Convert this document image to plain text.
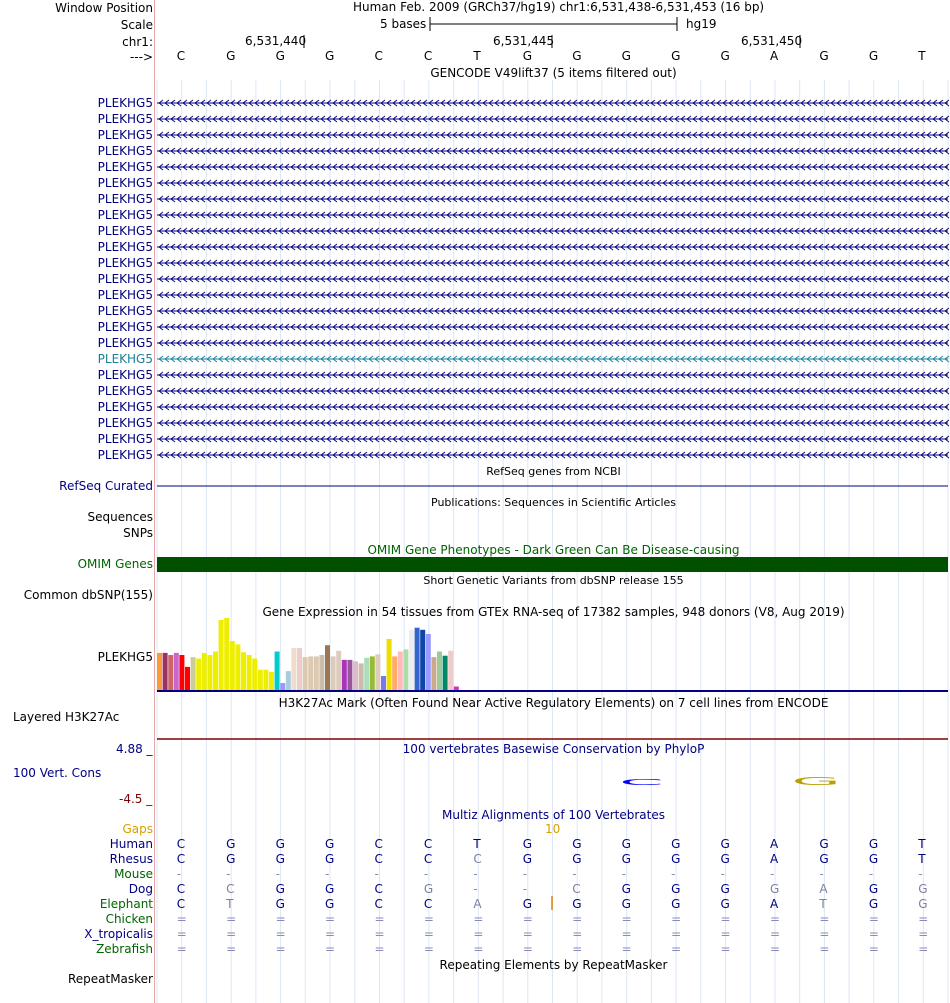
C	G
Window Position	Human Feb. 2009 (GRCh37/hg19) chr1:6,531,438-6,531,453 (16 bp)
Scale	5 bases	hg19
chr1:	6,531,440	6,531,445	6,531,450
---> C	G	G	G	C	C	T	G	G	G	G	G	A	G	G	T
GENCODE V49lift37 (5 items filtered out)
PLEKHG5
PLEKHG5
PLEKHG5
PLEKHG5
PLEKHG5
PLEKHG5
PLEKHG5
PLEKHG5
PLEKHG5
PLEKHG5
PLEKHG5
PLEKHG5
PLEKHG5
PLEKHG5
PLEKHG5
PLEKHG5
PLEKHG5
PLEKHG5
PLEKHG5
PLEKHG5
PLEKHG5
PLEKHG5
PLEKHG5
RefSeq genes from NCBI
RefSeq Curated
Publications: Sequences in Scientific Articles
Sequences
SNPs
OMIM Gene Phenotypes - Dark Green Can Be Disease-causing
OMIM Genes
Short Genetic Variants from dbSNP release 155
Common dbSNP(155)
Gene Expression in 54 tissues from GTEx RNA-seq of 17382 samples, 948 donors (V8, Aug 2019)
PLEKHG5
H3K27Ac Mark (Often Found Near Active Regulatory Elements) on 7 cell lines from ENCODE
Layered H3K27Ac
4.88 _	100 vertebrates Basewise Conservation by PhyloP
100 Vert. Cons
-4.5 _
Multiz Alignments of 100 Vertebrates
Gaps	10
Human C	G	G	G	C	C	T	G	G	G	G	G	A	G	G	T
Rhesus C	G	G	G	C	C	C	G	G	G	G	G	A	G	G	T
Mouse -	-	-	-	-	-	-	-	-	-	-	-	-	-	-	-
Dog C	C	G	G	C	G	-	-	C	G	G	G	G	A	G	G
Elephant C	T	G	G	C	C	A	G	G	G	G	G	A	T	G	G
Chicken =	=	=	=	=	=	=	=	=	=	=	=	=	=	=	=
X_tropicalis =	=	=	=	=	=	=	=	=	=	=	=	=	=	=	=
Zebrafish =	=	=	=	=	=	=	=	=	=	=	=	=	=	=	=
Repeating Elements by RepeatMasker
RepeatMasker
